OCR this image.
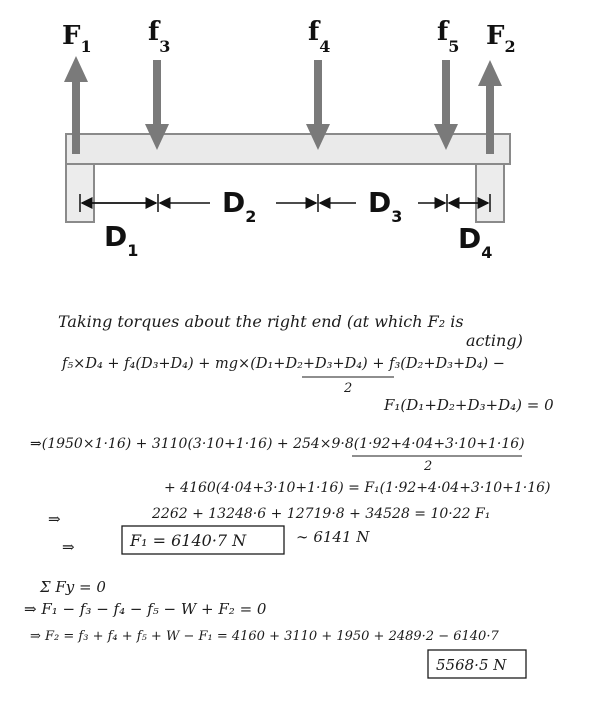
$F_1$ $f_3$	$f_4$	$f_5$ $F_2$
$D_1$
$D_2$	$D_3$
$D_4$
Taking torques about the right end (at which F₂ is
acting)
f₅×D₄ + f₄(D₃+D₄) + mg×(D₁+D₂+D₃+D₄) + f₃(D₂+D₃+D₄) −
2
F₁(D₁+D₂+D₃+D₄) = 0
⇒(1950×1·16) + 3110(3·10+1·16) + 254×9·8(1·92+4·04+3·10+1·16)
2
+ 4160(4·04+3·10+1·16) = F₁(1·92+4·04+3·10+1·16)
⇒	2262 + 13248·6 + 12719·8 + 34528 = 10·22 F₁
⇒	F₁ = 6140·7 N	∼ 6141 N
Σ Fy = 0
⇒ F₁ − f₃ − f₄ − f₅ − W + F₂ = 0
⇒ F₂ = f₃ + f₄ + f₅ + W − F₁ = 4160 + 3110 + 1950 + 2489·2 − 6140·7
5568·5 N
